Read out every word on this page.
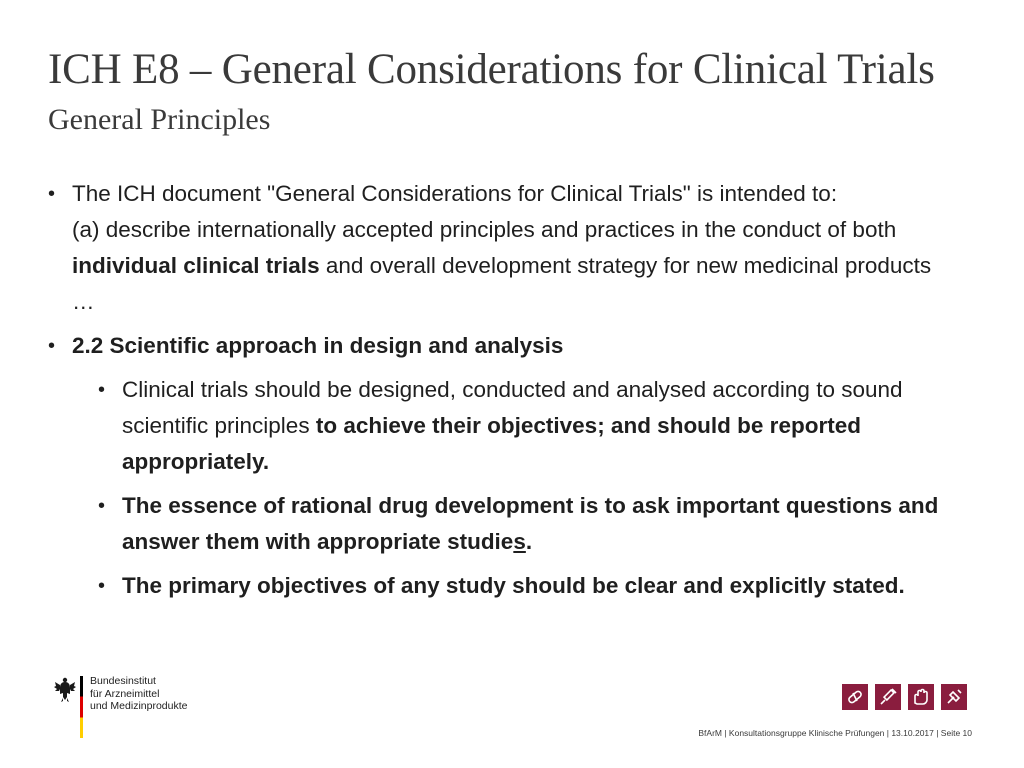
ICH E8 – General Considerations for Clinical Trials
General Principles
• The ICH document "General Considerations for Clinical Trials" is intended to:
(a) describe internationally accepted principles and practices in the conduct of both individual clinical trials and overall development strategy for new medicinal products …
• 2.2 Scientific approach in design and analysis
• Clinical trials should be designed, conducted and analysed according to sound scientific principles to achieve their objectives; and should be reported appropriately.
• The essence of rational drug development is to ask important questions and answer them with appropriate studies.
• The primary objectives of any study should be clear and explicitly stated.
Bundesinstitut
für Arzneimittel
und Medizinprodukte
BfArM | Konsultationsgruppe Klinische Prüfungen | 13.10.2017 | Seite 10
